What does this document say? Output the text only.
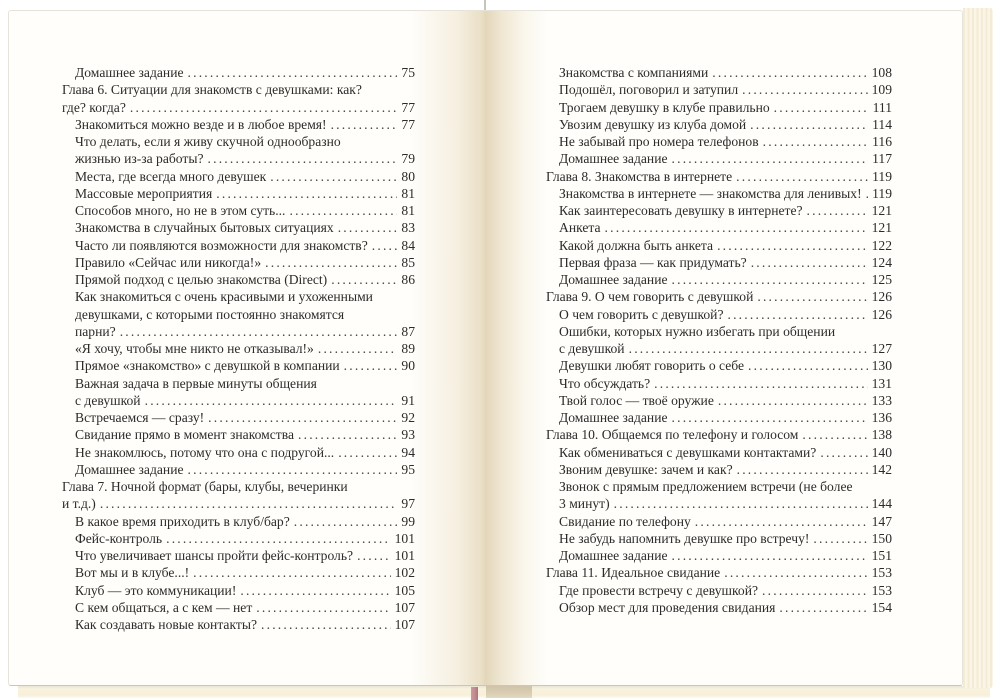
Домашнее задание .....	75
Глава 6. Ситуации для знакомств с девушками: как?
где? когда? .....	77
Знакомиться можно везде и в любое время! .....	77
Что делать, если я живу скучной однообразно
жизнью из-за работы? .....	79
Места, где всегда много девушек .....	80
Массовые мероприятия .....	81
Способов много, но не в этом суть... .....	81
Знакомства в случайных бытовых ситуациях .....	83
Часто ли появляются возможности для знакомств? ..... 84
Правило «Сейчас или никогда!» .....	85
Прямой подход с целью знакомства (Direct) .....	86
Как знакомиться с очень красивыми и ухоженными
девушками, с которыми постоянно знакомятся
парни? .....	87
«Я хочу, чтобы мне никто не отказывал!» .....	89
Прямое «знакомство» с девушкой в компании .....	90
Важная задача в первые минуты общения
с девушкой .....	91
Встречаемся — сразу! .....	92
Свидание прямо в момент знакомства .....	93
Не знакомлюсь, потому что она с подругой... .....	94
Домашнее задание .....	95
Глава 7. Ночной формат (бары, клубы, вечеринки
и т.д.) .....	97
В какое время приходить в клуб/бар? .....	99
Фейс-контроль .....	101
Что увеличивает шансы пройти фейс-контроль? .....	101
Вот мы и в клубе...! .....	102
Клуб — это коммуникации! .....	105
С кем общаться, а с кем — нет .....	107
Как создавать новые контакты? .....	107
Знакомства с компаниями .....	108
Подошёл, поговорил и затупил .....	109
Трогаем девушку в клубе правильно .....	111
Увозим девушку из клуба домой .....	114
Не забывай про номера телефонов .....	116
Домашнее задание .....	117
Глава 8. Знакомства в интернете .....	119
Знакомства в интернете — знакомства для ленивых! ..... 119
Как заинтересовать девушку в интернете? .....	121
Анкета .....	121
Какой должна быть анкета .....	122
Первая фраза — как придумать? .....	124
Домашнее задание .....	125
Глава 9. О чем говорить с девушкой .....	126
О чем говорить с девушкой? .....	126
Ошибки, которых нужно избегать при общении
с девушкой .....	127
Девушки любят говорить о себе .....	130
Что обсуждать? .....	131
Твой голос — твоё оружие .....	133
Домашнее задание .....	136
Глава 10. Общаемся по телефону и голосом .....	138
Как обмениваться с девушками контактами? .....	140
Звоним девушке: зачем и как? .....	142
Звонок с прямым предложением встречи (не более
3 минут) .....	144
Свидание по телефону .....	147
Не забудь напомнить девушке про встречу! .....	150
Домашнее задание .....	151
Глава 11. Идеальное свидание .....	153
Где провести встречу с девушкой? .....	153
Обзор мест для проведения свидания .....	154
